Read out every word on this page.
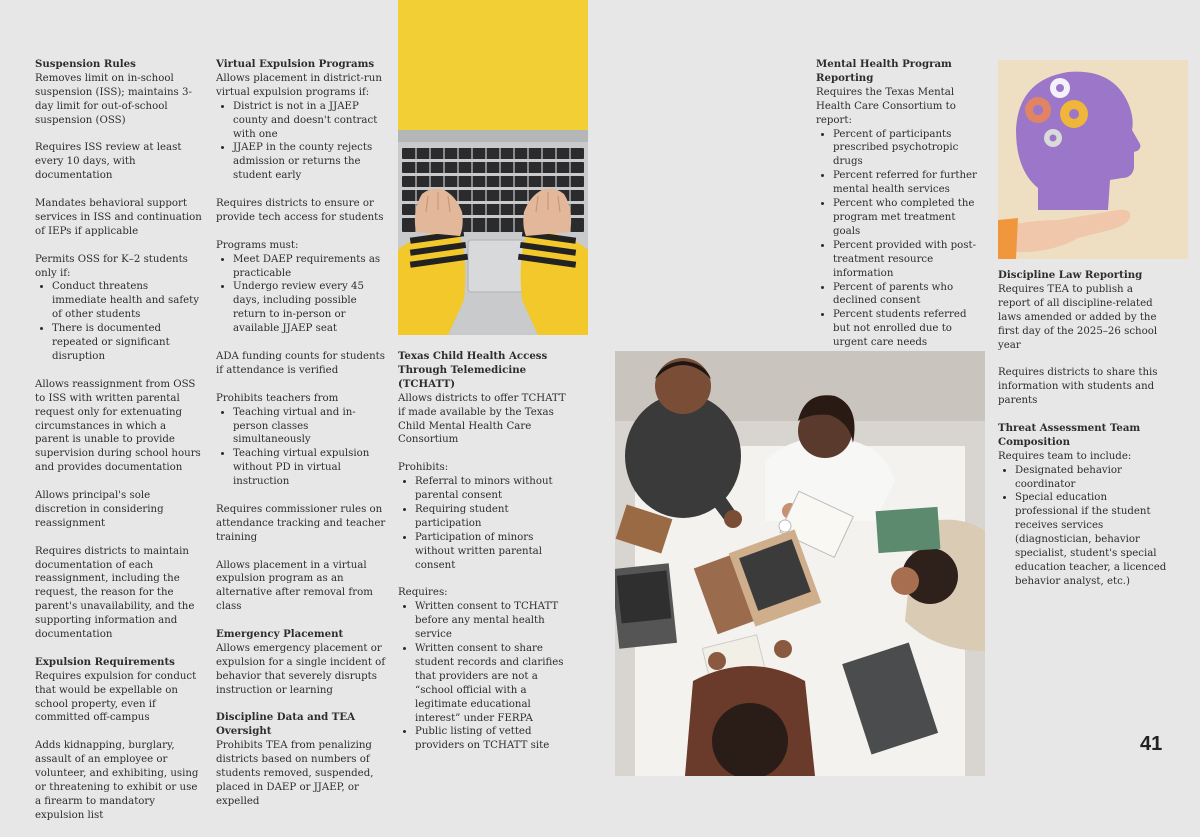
Suspension Rules

Removes limit on in-school suspension (ISS); maintains 3-day limit for out-of-school suspension (OSS)

Requires ISS review at least every 10 days, with documentation

Mandates behavioral support services in ISS and continuation of IEPs if applicable

Permits OSS for K–2 students only if:

• Conduct threatens immediate health and safety of other students
• There is documented repeated or significant disruption

Allows reassignment from OSS to ISS with written parental request only for extenuating circumstances in which a parent is unable to provide supervision during school hours and provides documentation

Allows principal's sole discretion in considering reassignment

Requires districts to maintain documentation of each reassignment, including the request, the reason for the parent's unavailability, and the supporting information and documentation

Expulsion Requirements

Requires expulsion for conduct that would be expellable on school property, even if committed off-campus

Adds kidnapping, burglary, assault of an employee or volunteer, and exhibiting, using or threatening to exhibit or use a firearm to mandatory expulsion list

Virtual Expulsion Programs

Allows placement in district-run virtual expulsion programs if:

• District is not in a JJAEP county and doesn't contract with one
• JJAEP in the county rejects admission or returns the student early

Requires districts to ensure or provide tech access for students

Programs must:

• Meet DAEP requirements as practicable
• Undergo review every 45 days, including possible return to in-person or available JJAEP seat

ADA funding counts for students if attendance is verified

Prohibits teachers from

• Teaching virtual and in-person classes simultaneously
• Teaching virtual expulsion without PD in virtual instruction

Requires commissioner rules on attendance tracking and teacher training

Allows placement in a virtual expulsion program as an alternative after removal from class

Emergency Placement

Allows emergency placement or expulsion for a single incident of behavior that severely disrupts instruction or learning

Discipline Data and TEA Oversight

Prohibits TEA from penalizing districts based on numbers of students removed, suspended, placed in DAEP or JJAEP, or expelled

Texas Child Health Access Through Telemedicine (TCHATT)

Allows districts to offer TCHATT if made available by the Texas Child Mental Health Care Consortium

Prohibits:

• Referral to minors without parental consent
• Requiring student participation
• Participation of minors without written parental consent

Requires:

• Written consent to TCHATT before any mental health service
• Written consent to share student records and clarifies that providers are not a “school official with a legitimate educational interest” under FERPA
• Public listing of vetted providers on TCHATT site
Mental Health Program Reporting

Requires the Texas Mental Health Care Consortium to report:

• Percent of participants prescribed psychotropic drugs
• Percent referred for further mental health services
• Percent who completed the program met treatment goals
• Percent provided with post-treatment resource information
• Percent of parents who declined consent
• Percent students referred but not enrolled due to urgent care needs
Discipline Law Reporting

Requires TEA to publish a report of all discipline-related laws amended or added by the first day of the 2025–26 school year

Requires districts to share this information with students and parents

Threat Assessment Team Composition

Requires team to include:

• Designated behavior coordinator
• Special education professional if the student receives services (diagnostician, behavior specialist, student's special education teacher, a licenced behavior analyst, etc.)
41
